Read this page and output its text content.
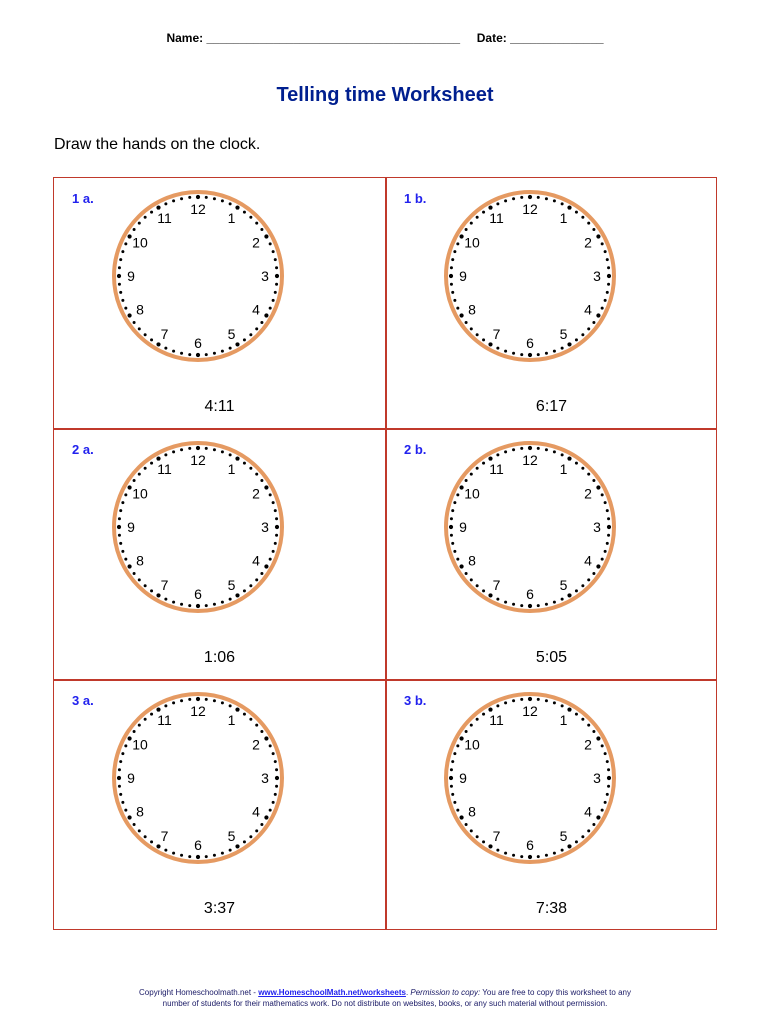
Name: ______________________________________ Date: ______________
Telling time Worksheet
Draw the hands on the clock.
1 a.
12
1
2
3
4
5
6
7
8
9
10
11
4:11
1 b.
12
1
2
3
4
5
6
7
8
9
10
11
6:17
2 a.
12
1
2
3
4
5
6
7
8
9
10
11
1:06
2 b.
12
1
2
3
4
5
6
7
8
9
10
11
5:05
3 a.
12
1
2
3
4
5
6
7
8
9
10
11
3:37
3 b.
12
1
2
3
4
5
6
7
8
9
10
11
7:38
Copyright Homeschoolmath.net - www.HomeschoolMath.net/worksheets. Permission to copy: You are free to copy this worksheet to any
number of students for their mathematics work. Do not distribute on websites, books, or any such material without permission.
